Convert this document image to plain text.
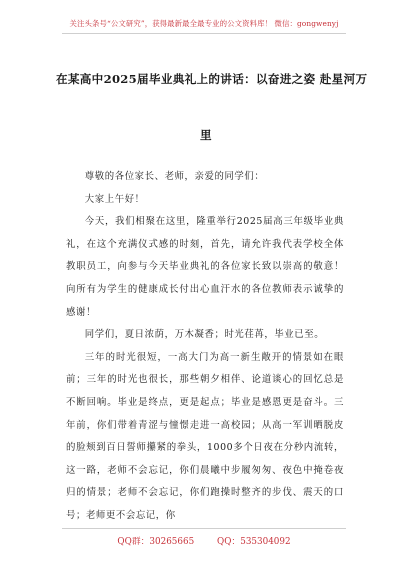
关注头条号“公文研究”，获得最新最全最专业的公文资料库！ 微信：gongwenyj
在某高中2025届毕业典礼上的讲话：以奋进之姿 赴星河万
里

尊敬的各位家长、老师，亲爱的同学们：

大家上午好！

今天，我们相聚在这里，隆重举行2025届高三年级毕业典礼，在这个充满仪式感的时刻，首先，请允许我代表学校全体教职员工，向参与今天毕业典礼的各位家长致以崇高的敬意！向所有为学生的健康成长付出心血汗水的各位教师表示诚挚的感谢！

同学们，夏日浓荫，万木凝香；时光荏苒，毕业已至。

三年的时光很短，一高大门为高一新生敞开的情景如在眼前；三年的时光也很长，那些朝夕相伴、论道谈心的回忆总是不断回响。毕业是终点，更是起点；毕业是感恩更是奋斗。三年前，你们带着青涩与憧憬走进一高校园；从高一军训晒脱皮的脸颊到百日誓师攥紧的拳头，1000多个日夜在分秒内流转，这一路，老师不会忘记，你们晨曦中步履匆匆、夜色中掩卷夜归的情景；老师不会忘记，你们跑操时整齐的步伐、震天的口号；老师更不会忘记，你

QQ群：30265665	QQ：535304092
